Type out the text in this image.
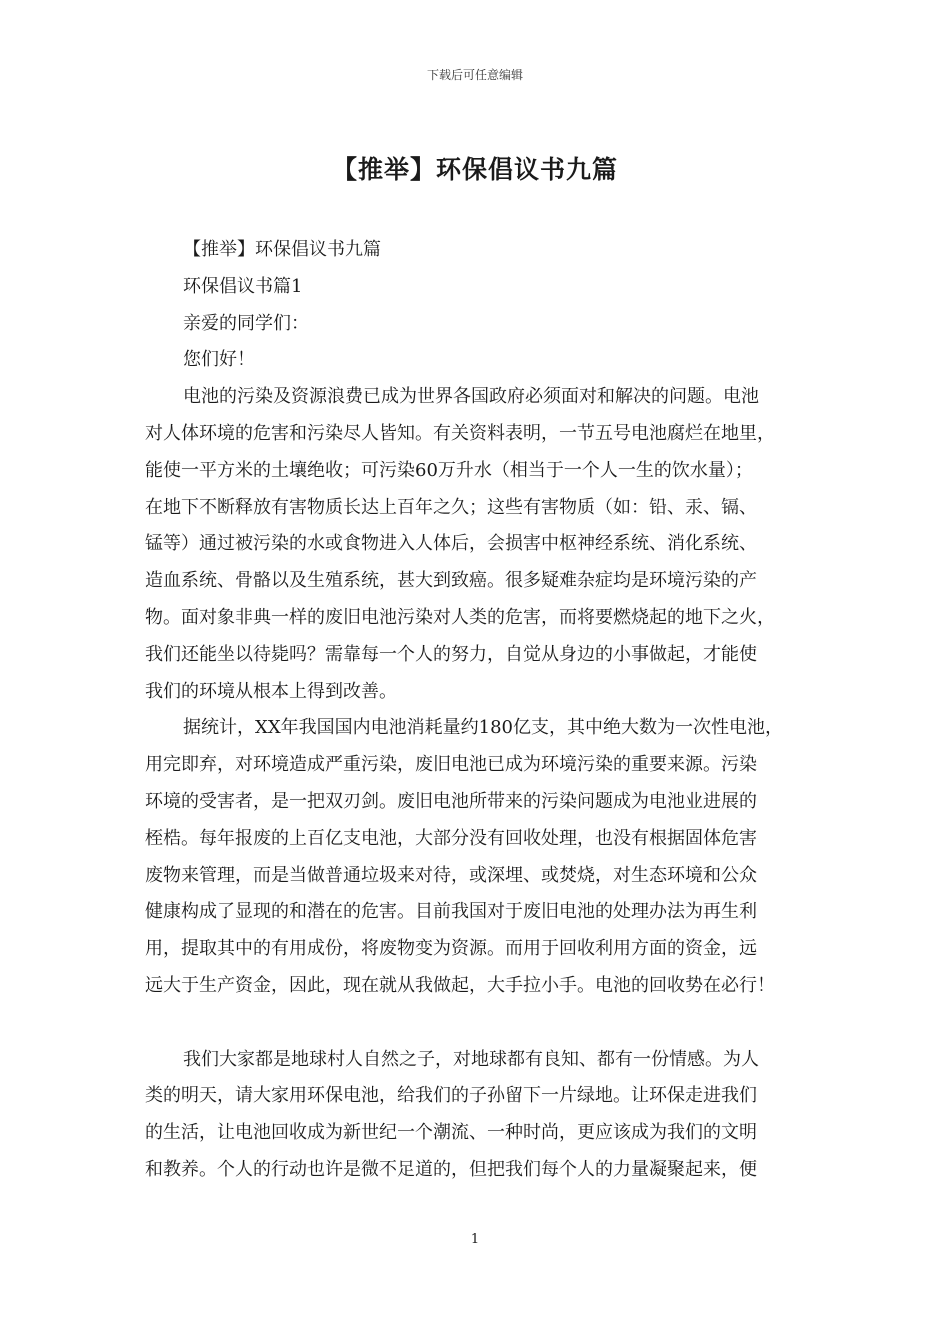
下载后可任意编辑
【推举】环保倡议书九篇
【推举】环保倡议书九篇
环保倡议书篇1
亲爱的同学们：
您们好！
电池的污染及资源浪费已成为世界各国政府必须面对和解决的问题。电池
对人体环境的危害和污染尽人皆知。有关资料表明，一节五号电池腐烂在地里，
能使一平方米的土壤绝收；可污染60万升水（相当于一个人一生的饮水量）；
在地下不断释放有害物质长达上百年之久；这些有害物质（如：铅、汞、镉、
锰等）通过被污染的水或食物进入人体后，会损害中枢神经系统、消化系统、
造血系统、骨骼以及生殖系统，甚大到致癌。很多疑难杂症均是环境污染的产
物。面对象非典一样的废旧电池污染对人类的危害，而将要燃烧起的地下之火，
我们还能坐以待毙吗？需靠每一个人的努力，自觉从身边的小事做起，才能使
我们的环境从根本上得到改善。
据统计，XX年我国国内电池消耗量约180亿支，其中绝大数为一次性电池，
用完即弃，对环境造成严重污染，废旧电池已成为环境污染的重要来源。污染
环境的受害者，是一把双刃剑。废旧电池所带来的污染问题成为电池业进展的
桎梏。每年报废的上百亿支电池，大部分没有回收处理，也没有根据固体危害
废物来管理，而是当做普通垃圾来对待，或深埋、或焚烧，对生态环境和公众
健康构成了显现的和潜在的危害。目前我国对于废旧电池的处理办法为再生利
用，提取其中的有用成份，将废物变为资源。而用于回收利用方面的资金，远
远大于生产资金，因此，现在就从我做起，大手拉小手。电池的回收势在必行！
我们大家都是地球村人自然之子，对地球都有良知、都有一份情感。为人
类的明天，请大家用环保电池，给我们的子孙留下一片绿地。让环保走进我们
的生活，让电池回收成为新世纪一个潮流、一种时尚，更应该成为我们的文明
和教养。个人的行动也许是微不足道的，但把我们每个人的力量凝聚起来，便
1
